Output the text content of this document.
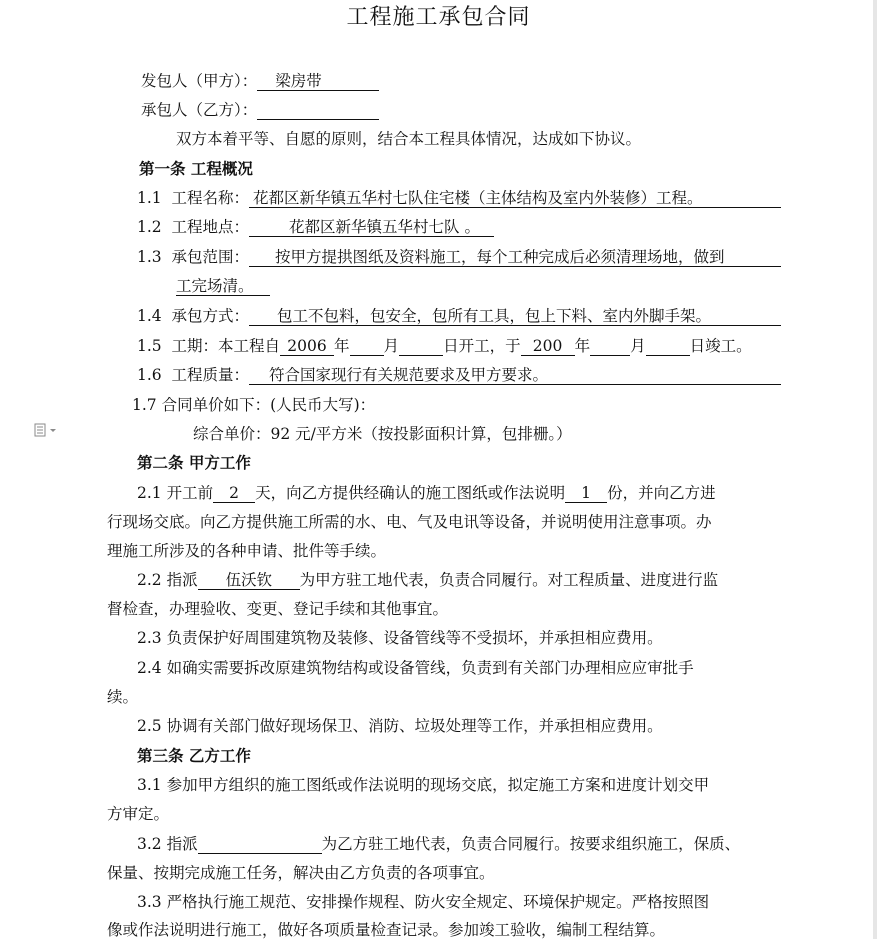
工程施工承包合同
发包人（甲方）： 梁房带
承包人（乙方）：
双方本着平等、自愿的原则，结合本工程具体情况，达成如下协议。
第一条 工程概况
1.1 工程名称： 花都区新华镇五华村七队住宅楼（主体结构及室内外装修）工程。
1.2 工程地点：	花都区新华镇五华村七队 。
1.3 承包范围： 按甲方提拱图纸及资料施工，每个工种完成后必须清理场地，做到
工完场清。
1.4 承包方式： 包工不包料，包安全，包所有工具，包上下料、室内外脚手架。
1.5 工期：本工程自 2006 年 月	日开工，于 200 年	月	日竣工。
1.6 工程质量： 符合国家现行有关规范要求及甲方要求。
1.7 合同单价如下：(人民币大写)：
综合单价：92 元/平方米（按投影面积计算，包排栅。）
第二条 甲方工作
2.1 开工前 2 天，向乙方提供经确认的施工图纸或作法说明 1 份，并向乙方进
行现场交底。向乙方提供施工所需的水、电、气及电讯等设备，并说明使用注意事项。办
理施工所涉及的各种申请、批件等手续。
2.2 指派 伍沃钦 为甲方驻工地代表，负责合同履行。对工程质量、进度进行监
督检查，办理验收、变更、登记手续和其他事宜。
2.3 负责保护好周围建筑物及装修、设备管线等不受损坏，并承担相应费用。
2.4 如确实需要拆改原建筑物结构或设备管线，负责到有关部门办理相应应审批手
续。
2.5 协调有关部门做好现场保卫、消防、垃圾处理等工作，并承担相应费用。
第三条 乙方工作
3.1 参加甲方组织的施工图纸或作法说明的现场交底，拟定施工方案和进度计划交甲
方审定。
3.2 指派	为乙方驻工地代表，负责合同履行。按要求组织施工，保质、
保量、按期完成施工任务，解决由乙方负责的各项事宜。
3.3 严格执行施工规范、安排操作规程、防火安全规定、环境保护规定。严格按照图
像或作法说明进行施工，做好各项质量检查记录。参加竣工验收，编制工程结算。
